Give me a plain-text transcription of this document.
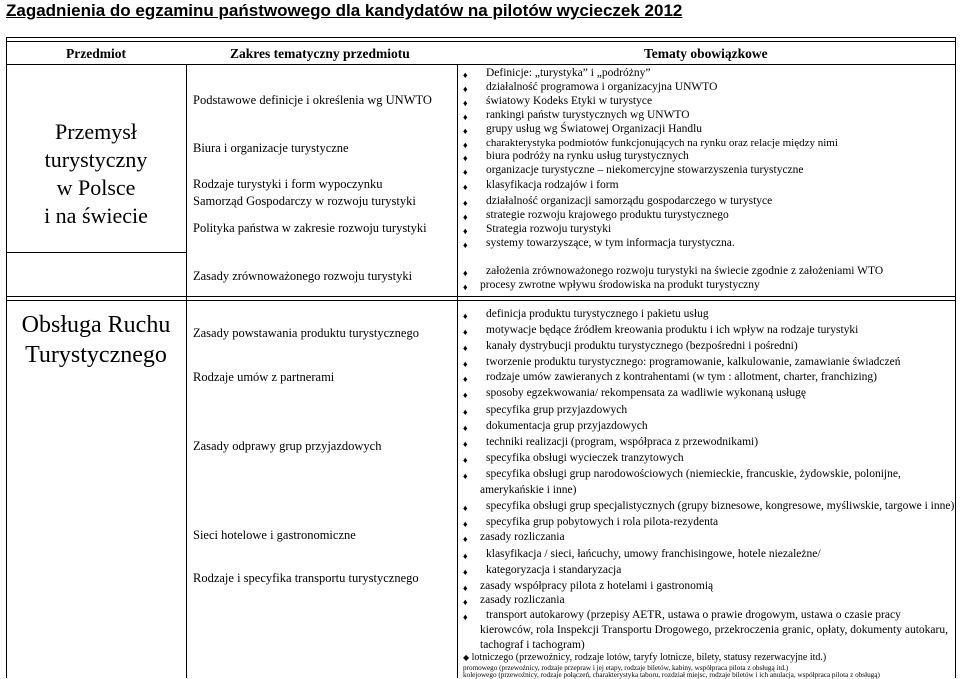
Zagadnienia do egzaminu państwowego dla kandydatów na pilotów wycieczek 2012
Przedmiot	Zakres tematyczny przedmiotu	Tematy obowiązkowe
Przemysł
turystyczny
w Polsce
i na świecie
Podstawowe definicje i określenia wg UNWTO
Biura i organizacje turystyczne
Rodzaje turystyki i form wypoczynku
Samorząd Gospodarczy w rozwoju turystyki
Polityka państwa w zakresie rozwoju turystyki
Zasady zrównoważonego rozwoju turystyki
♦
Definicje: „turystyka” i „podróżny”
♦
działalność programowa i organizacyjna UNWTO
♦
światowy Kodeks Etyki w turystyce
♦
rankingi państw turystycznych wg UNWTO
♦
grupy usług wg Światowej Organizacji Handlu
♦
charakterystyka podmiotów funkcjonujących na rynku oraz relacje między nimi
♦
biura podróży na rynku usług turystycznych
♦
organizacje turystyczne – niekomercyjne stowarzyszenia turystyczne
♦
klasyfikacja rodzajów i form
♦
działalność organizacji samorządu gospodarczego w turystyce
♦
strategie rozwoju krajowego produktu turystycznego
♦
Strategia rozwoju turystyki
♦
systemy towarzyszące, w tym informacja turystyczna.
♦
założenia zrównoważonego rozwoju turystyki na świecie zgodnie z założeniami WTO
♦
procesy zwrotne wpływu środowiska na produkt turystyczny
Obsługa Ruchu
Turystycznego
Zasady powstawania produktu turystycznego
Rodzaje umów z partnerami
Zasady odprawy grup przyjazdowych
Sieci hotelowe i gastronomiczne
Rodzaje i specyfika transportu turystycznego
♦
definicja produktu turystycznego i pakietu usług
♦
motywacje będące źródłem kreowania produktu i ich wpływ na rodzaje turystyki
♦
kanały dystrybucji produktu turystycznego (bezpośredni i pośredni)
♦
tworzenie produktu turystycznego: programowanie, kalkulowanie, zamawianie świadczeń
♦
rodzaje umów zawieranych z kontrahentami (w tym : allotment, charter, franchizing)
♦
sposoby egzekwowania/ rekompensata za wadliwie wykonaną usługę
♦
specyfika grup przyjazdowych
♦
dokumentacja grup przyjazdowych
♦
techniki realizacji (program, współpraca z przewodnikami)
♦
specyfika obsługi wycieczek tranzytowych
♦
specyfika obsługi grup narodowościowych (niemieckie, francuskie, żydowskie, polonijne,
amerykańskie i inne)
♦
specyfika obsługi grup specjalistycznych (grupy biznesowe, kongresowe, myśliwskie, targowe i inne)
♦
specyfika grup pobytowych i rola pilota-rezydenta
♦
zasady rozliczania
♦
klasyfikacja / sieci, łańcuchy, umowy franchisingowe, hotele niezależne/
♦
kategoryzacja i standaryzacja
♦
zasady współpracy pilota z hotelami i gastronomią
♦
zasady rozliczania
♦
transport autokarowy (przepisy AETR, ustawa o prawie drogowym, ustawa o czasie pracy
kierowców, rola Inspekcji Transportu Drogowego, przekroczenia granic, opłaty, dokumenty autokaru,
tachograf i tachogram)
promowego (przewoźnicy, rodzaje przepraw i jej etapy, rodzaje biletów, kabiny, współpraca pilota z obsługą itd.)
kolejowego (przewoźnicy, rodzaje połączeń, charakterystyka taboru, rozdział miejsc, rodzaje biletów i ich anulacja, współpraca pilota z obsługą)
◆ lotniczego (przewoźnicy, rodzaje lotów, taryfy lotnicze, bilety, statusy rezerwacyjne itd.)
